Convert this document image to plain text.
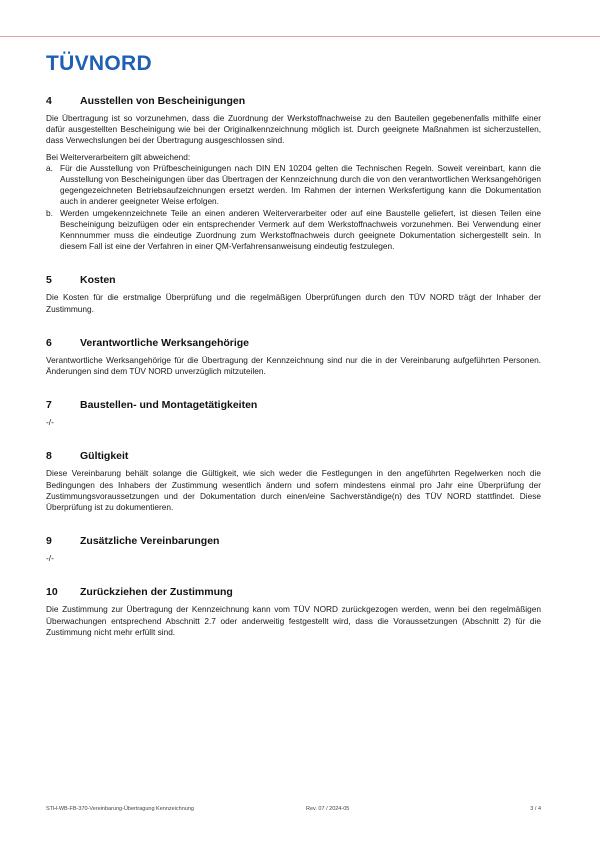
TÜVNORD
4	Ausstellen von Bescheinigungen

Die Übertragung ist so vorzunehmen, dass die Zuordnung der Werkstoffnachweise zu den Bauteilen gegebenenfalls mithilfe einer dafür ausgestellten Bescheinigung wie bei der Originalkennzeichnung möglich ist. Durch geeignete Maßnahmen ist sicherzustellen, dass Verwechslungen bei der Übertragung ausgeschlossen sind.

Bei Weiterverarbeitern gilt abweichend:

a. Für die Ausstellung von Prüfbescheinigungen nach DIN EN 10204 gelten die Technischen Regeln. Soweit vereinbart, kann die Ausstellung von Bescheinigungen über das Übertragen der Kennzeichnung durch die von den verantwortlichen Werksangehörigen gegengezeichneten Betriebsaufzeichnungen ersetzt werden. Im Rahmen der internen Werksfertigung kann die Dokumentation auch in anderer geeigneter Weise erfolgen.
b. Werden umgekennzeichnete Teile an einen anderen Weiterverarbeiter oder auf eine Baustelle geliefert, ist diesen Teilen eine Bescheinigung beizufügen oder ein entsprechender Vermerk auf dem Werkstoffnachweis vorzunehmen. Bei Verwendung einer Kennnummer muss die eindeutige Zuordnung zum Werkstoffnachweis durch geeignete Dokumentation sichergestellt sein. In diesem Fall ist eine der Verfahren in einer QM-Verfahrensanweisung eindeutig festzulegen.
5	Kosten

Die Kosten für die erstmalige Überprüfung und die regelmäßigen Überprüfungen durch den TÜV NORD trägt der Inhaber der Zustimmung.

6	Verantwortliche Werksangehörige

Verantwortliche Werksangehörige für die Übertragung der Kennzeichnung sind nur die in der Vereinbarung aufgeführten Personen. Änderungen sind dem TÜV NORD unverzüglich mitzuteilen.

7	Baustellen- und Montagetätigkeiten

-/-

8	Gültigkeit

Diese Vereinbarung behält solange die Gültigkeit, wie sich weder die Festlegungen in den angeführten Regelwerken noch die Bedingungen des Inhabers der Zustimmung wesentlich ändern und sofern mindestens einmal pro Jahr eine Überprüfung der Zustimmungsvoraussetzungen und der Dokumentation durch einen/eine Sachverständige(n) des TÜV NORD stattfindet. Diese Überprüfung ist zu dokumentieren.

9	Zusätzliche Vereinbarungen

-/-

10	Zurückziehen der Zustimmung

Die Zustimmung zur Übertragung der Kennzeichnung kann vom TÜV NORD zurückgezogen werden, wenn bei den regelmäßigen Überwachungen entsprechend Abschnitt 2.7 oder anderweitig festgestellt wird, dass die Voraussetzungen (Abschnitt 2) für die Zustimmung nicht mehr erfüllt sind.

STH-WB-FB-370-Vereinbarung-Übertragung Kennzeichnung	Rev. 07 / 2024-05	3 / 4
